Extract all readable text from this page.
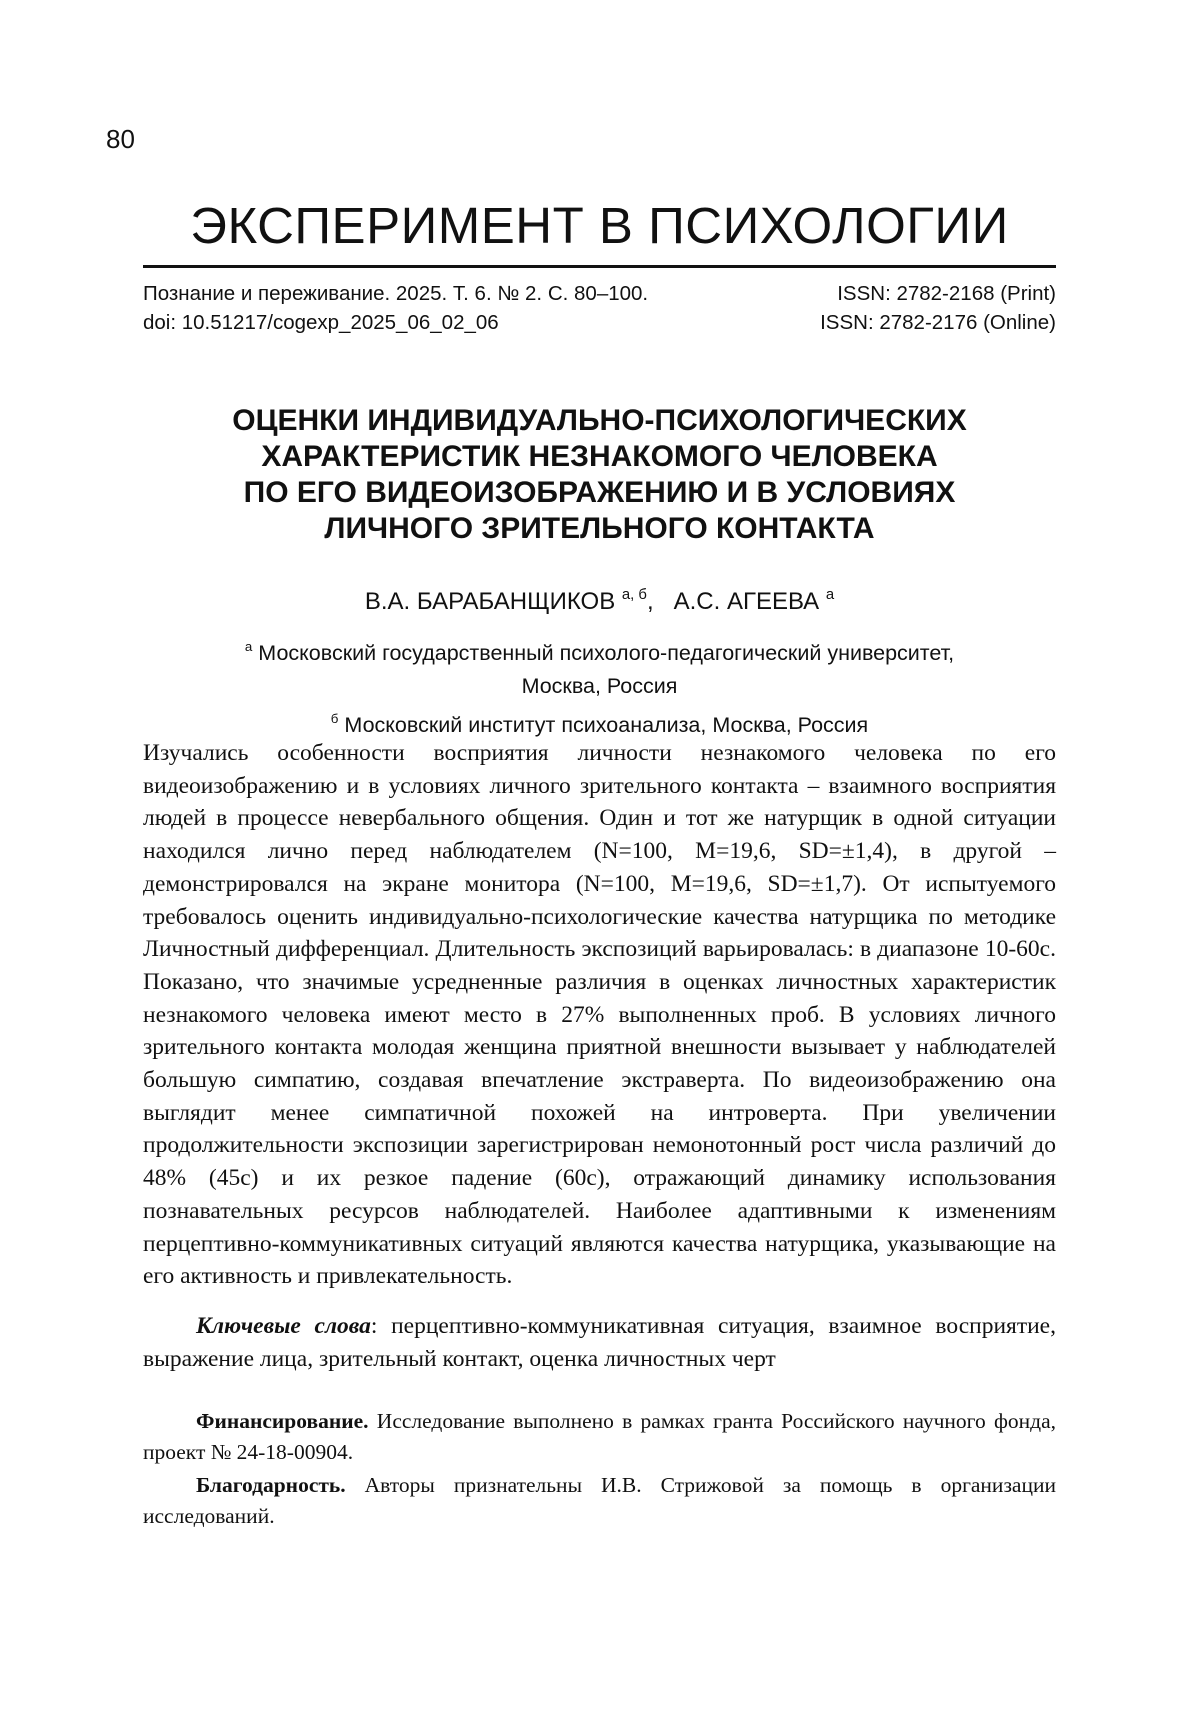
80
ЭКСПЕРИМЕНТ В ПСИХОЛОГИИ
Познание и переживание. 2025. Т. 6. № 2. С. 80–100.
doi: 10.51217/cogexp_2025_06_02_06
ISSN: 2782-2168 (Print)
ISSN: 2782-2176 (Online)
ОЦЕНКИ ИНДИВИДУАЛЬНО-ПСИХОЛОГИЧЕСКИХ
ХАРАКТЕРИСТИК НЕЗНАКОМОГО ЧЕЛОВЕКА
ПО ЕГО ВИДЕОИЗОБРАЖЕНИЮ И В УСЛОВИЯХ
ЛИЧНОГО ЗРИТЕЛЬНОГО КОНТАКТА
В.А. БАРАБАНЩИКОВ $^{а, б}$,   А.С. АГЕЕВА $^а$
$^а$ Московский государственный психолого-педагогический университет,
Москва, Россия
$^б$ Московский институт психоанализа, Москва, Россия

Изучались особенности восприятия личности незнакомого человека по его видеоизображению и в условиях личного зрительного контакта – взаимного восприятия людей в процессе невербального общения. Один и тот же натурщик в одной ситуации находился лично перед наблюдателем (N=100, M=19,6, SD=±1,4), в другой – демонстрировался на экране монитора (N=100, M=19,6, SD=±1,7). От испытуемого требовалось оценить индивидуально-психологические качества натурщика по методике Личностный дифференциал. Длительность экспозиций варьировалась: в диапазоне 10-60с. Показано, что значимые усредненные различия в оценках личностных характеристик незнакомого человека имеют место в 27% выполненных проб. В условиях личного зрительного контакта молодая женщина приятной внешности вызывает у наблюдателей большую симпатию, создавая впечатление экстраверта. По видеоизображению она выглядит менее симпатичной похожей на интроверта. При увеличении продолжительности экспозиции зарегистрирован немонотонный рост числа различий до 48% (45с) и их резкое падение (60с), отражающий динамику использования познавательных ресурсов наблюдателей. Наиболее адаптивными к изменениям перцептивно-коммуникативных ситуаций являются качества натурщика, указывающие на его активность и привлекательность.

Ключевые слова: перцептивно-коммуникативная ситуация, взаимное восприятие, выражение лица, зрительный контакт, оценка личностных черт

Финансирование. Исследование выполнено в рамках гранта Российского научного фонда, проект № 24-18-00904.

Благодарность. Авторы признательны И.В. Стрижовой за помощь в организации исследований.
